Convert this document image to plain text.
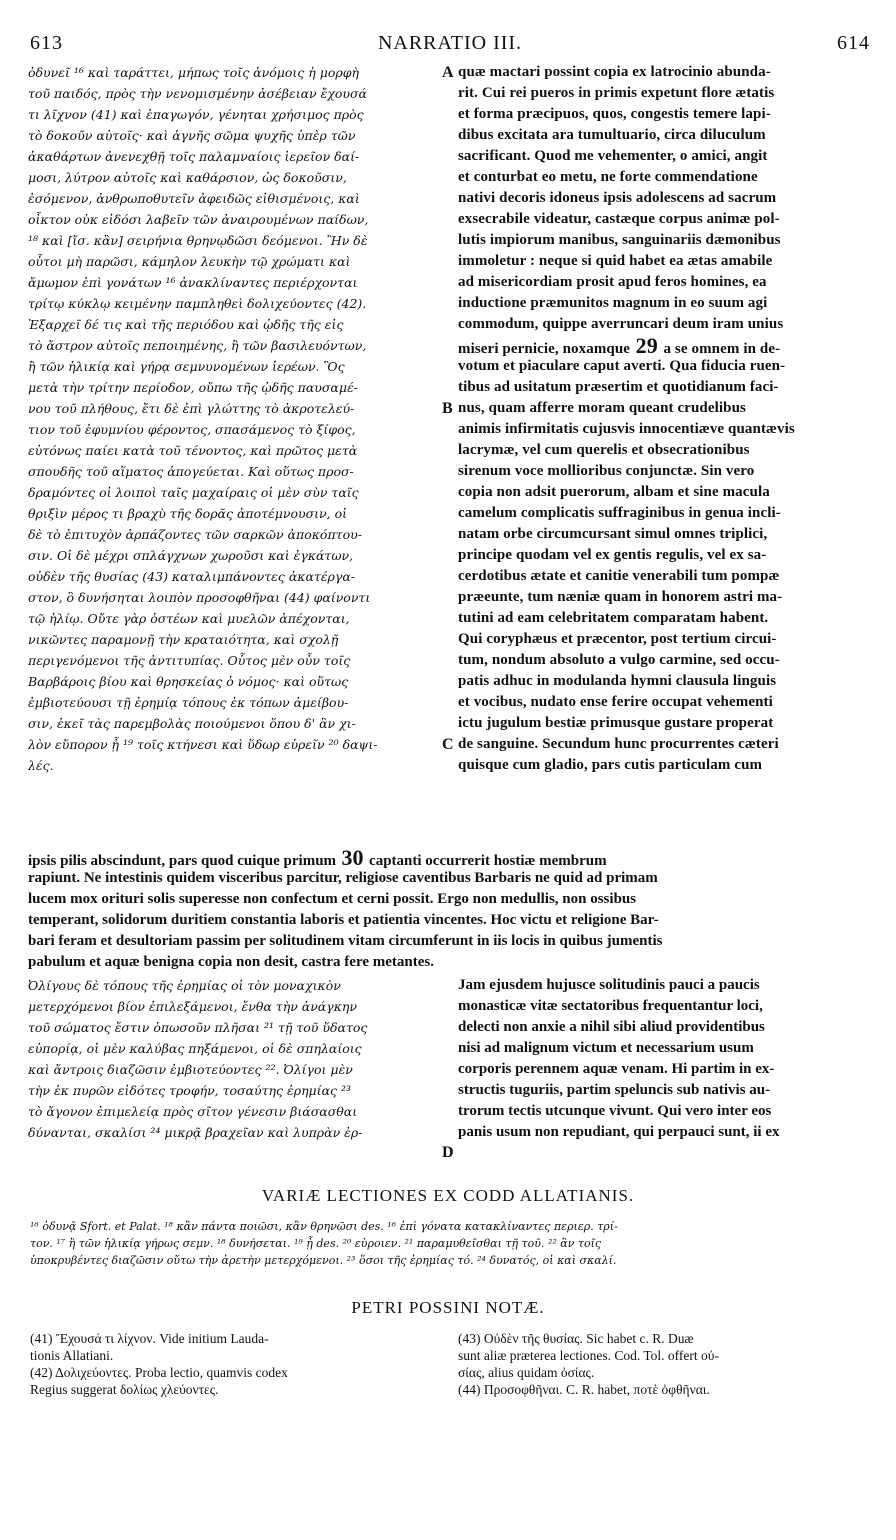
613	NARRATIO III.	614
ὀδυνεῖ ¹⁶ καὶ ταράττει, μήπως τοῖς ἀνόμοις ἡ μορφὴ
τοῦ παιδός, πρὸς τὴν νενομισμένην ἀσέβειαν ἔχουσά
τι λῖχνον (41) καὶ ἐπαγωγόν, γένηται χρήσιμος πρὸς
τὸ δοκοῦν αὐτοῖς· καὶ ἁγνῆς σῶμα ψυχῆς ὑπὲρ τῶν
ἀκαθάρτων ἀνενεχθῇ τοῖς παλαμναίοις ἱερεῖον δαί-
μοσι, λύτρον αὐτοῖς καὶ καθάρσιον, ὡς δοκοῦσιν,
ἐσόμενον, ἀνθρωποθυτεῖν ἀφειδῶς εἰθισμένοις, καὶ
οἶκτον οὐκ εἰδόσι λαβεῖν τῶν ἀναιρουμένων παίδων,
¹⁸ καὶ [ἴσ. κἂν] σειρήνια θρηνῳδῶσι δεόμενοι. Ἢν δὲ
οὗτοι μὴ παρῶσι, κάμηλον λευκὴν τῷ χρώματι καὶ
ἄμωμον ἐπὶ γονάτων ¹⁶ ἀνακλίναντες περιέρχονται
τρίτῳ κύκλῳ κειμένην παμπληθεὶ δολιχεύοντες (42).
Ἐξαρχεῖ δέ τις καὶ τῆς περιόδου καὶ ᾠδῆς τῆς εἰς
τὸ ἄστρον αὐτοῖς πεποιημένης, ἢ τῶν βασιλευόντων,
ἢ τῶν ἡλικίᾳ καὶ γήρᾳ σεμνυνομένων ἱερέων. Ὃς
μετὰ τὴν τρίτην περίοδον, οὔπω τῆς ᾠδῆς παυσαμέ-
νου τοῦ πλήθους, ἔτι δὲ ἐπὶ γλώττης τὸ ἀκροτελεύ-
τιον τοῦ ἐφυμνίου φέροντος, σπασάμενος τὸ ξίφος,
εὐτόνως παίει κατὰ τοῦ τένοντος, καὶ πρῶτος μετὰ
σπουδῆς τοῦ αἵματος ἀπογεύεται. Καὶ οὕτως προσ-
δραμόντες οἱ λοιποὶ ταῖς μαχαίραις οἱ μὲν σὺν ταῖς
θριξὶν μέρος τι βραχὺ τῆς δορᾶς ἀποτέμνουσιν, οἱ
δὲ τὸ ἐπιτυχὸν ἁρπάζοντες τῶν σαρκῶν ἀποκόπτου-
σιν. Οἱ δὲ μέχρι σπλάγχνων χωροῦσι καὶ ἐγκάτων,
οὐδὲν τῆς θυσίας (43) καταλιμπάνοντες ἀκατέργα-
στον, ὃ δυνήσηται λοιπὸν προσοφθῆναι (44) φαίνοντι
τῷ ἡλίῳ. Οὔτε γὰρ ὀστέων καὶ μυελῶν ἀπέχονται,
νικῶντες παραμονῇ τὴν κραταιότητα, καὶ σχολῇ
περιγενόμενοι τῆς ἀντιτυπίας. Οὗτος μὲν οὖν τοῖς
Βαρβάροις βίου καὶ θρησκείας ὁ νόμος· καὶ οὕτως
ἐμβιοτεύουσι τῇ ἐρημίᾳ τόπους ἐκ τόπων ἀμείβου-
σιν, ἐκεῖ τὰς παρεμβολὰς ποιούμενοι ὅπου δ' ἂν χι-
λὸν εὔπορον ᾖ ¹⁹ τοῖς κτήνεσι καὶ ὕδωρ εὑρεῖν ²⁰ δαψι-
λές.
quæ mactari possint copia ex latrocinio abunda-
rit. Cui rei pueros in primis expetunt flore ætatis
et forma præcipuos, quos, congestis temere lapi-
dibus excitata ara tumultuario, circa diluculum
sacrificant. Quod me vehementer, o amici, angit
et conturbat eo metu, ne forte commendatione
nativi decoris idoneus ipsis adolescens ad sacrum
exsecrabile videatur, castæque corpus animæ pol-
lutis impiorum manibus, sanguinariis dæmonibus
immoletur : neque si quid habet ea ætas amabile
ad misericordiam prosit apud feros homines, ea
inductione præmunitos magnum in eo suum agi
commodum, quippe averruncari deum iram unius
miseri pernicie, noxamque 29 a se omnem in de-
votum et piaculare caput averti. Qua fiducia ruen-
tibus ad usitatum præsertim et quotidianum faci-
nus, quam afferre moram queant crudelibus
animis infirmitatis cujusvis innocentiæve quantævis
lacrymæ, vel cum querelis et obsecrationibus
sirenum voce mollioribus conjunctæ. Sin vero
copia non adsit puerorum, albam et sine macula
camelum complicatis suffraginibus in genua incli-
natam orbe circumcursant simul omnes triplici,
principe quodam vel ex gentis regulis, vel ex sa-
cerdotibus ætate et canitie venerabili tum pompæ
præeunte, tum næniæ quam in honorem astri ma-
tutini ad eam celebritatem comparatam habent.
Qui coryphæus et præcentor, post tertium circui-
tum, nondum absoluto a vulgo carmine, sed occu-
patis adhuc in modulanda hymni clausula linguis
et vocibus, nudato ense ferire occupat vehementi
ictu jugulum bestiæ primusque gustare properat
de sanguine. Secundum hunc procurrentes cæteri
quisque cum gladio, pars cutis particulam cum
A
B
C
D
ipsis pilis abscindunt, pars quod cuique primum 30 captanti occurrerit hostiæ membrum
rapiunt. Ne intestinis quidem visceribus parcitur, religiose caventibus Barbaris ne quid ad primam
lucem mox orituri solis superesse non confectum et cerni possit. Ergo non medullis, non ossibus
temperant, solidorum duritiem constantia laboris et patientia vincentes. Hoc victu et religione Bar-
bari feram et desultoriam passim per solitudinem vitam circumferunt in iis locis in quibus jumentis
pabulum et aquæ benigna copia non desit, castra fere metantes.
Ὀλίγους δὲ τόπους τῆς ἐρημίας οἱ τὸν μοναχικὸν
μετερχόμενοι βίον ἐπιλεξάμενοι, ἔνθα τὴν ἀνάγκην
τοῦ σώματος ἔστιν ὁπωσοῦν πλῆσαι ²¹ τῇ τοῦ ὕδατος
εὐπορίᾳ, οἱ μὲν καλύβας πηξάμενοι, οἱ δὲ σπηλαίοις
καὶ ἄντροις διαζῶσιν ἐμβιοτεύοντες ²². Ὀλίγοι μὲν
τὴν ἐκ πυρῶν εἰδότες τροφήν, τοσαύτης ἐρημίας ²³
τὸ ἄγονον ἐπιμελείᾳ πρὸς σῖτον γένεσιν βιάσασθαι
δύνανται, σκαλίσι ²⁴ μικρᾷ βραχεῖαν καὶ λυπρὰν ἐρ-
Jam ejusdem hujusce solitudinis pauci a paucis
monasticæ vitæ sectatoribus frequentantur loci,
delecti non anxie a nihil sibi aliud providentibus
nisi ad malignum victum et necessarium usum
corporis perennem aquæ venam. Hi partim in ex-
structis tuguriis, partim speluncis sub nativis au-
trorum tectis utcunque vivunt. Qui vero inter eos
panis usum non repudiant, qui perpauci sunt, ii ex
VARIÆ LECTIONES EX CODD ALLATIANIS.
¹⁶ ὀδυνᾷ Sfort. et Palat. ¹⁸ κἂν πάντα ποιῶσι, κἂν θρηνῶσι des. ¹⁶ ἐπὶ γόνατα κατακλίναντες περιερ. τρί-
τον. ¹⁷ ἢ τῶν ἡλικίᾳ γήρως σεμν. ¹⁸ δυνήσεται. ¹⁹ ᾖ des. ²⁰ εὑροιεν. ²¹ παραμυθεῖσθαι τῇ τοῦ. ²² ἂν τοῖς
ὑποκρυβέντες διαζῶσιν οὕτω τὴν ἀρετὴν μετερχόμενοι. ²³ ὅσοι τῆς ἐρημίας τό. ²⁴ δυνατός, οἱ καὶ σκαλί.
PETRI POSSINI NOTÆ.
(41) Ἔχουσά τι λίχνον. Vide initium Lauda-
tionis Allatiani.
(42) Δολιχεύοντες. Proba lectio, quamvis codex
Regius suggerat δολίως χλεύοντες.
(43) Οὐδὲν τῆς θυσίας. Sic habet c. R. Duæ
sunt aliæ præterea lectiones. Cod. Tol. offert οὐ-
σίας, alius quidam ὀσίας.
(44) Προσοφθῆναι. C. R. habet, ποτὲ ὀφθῆναι.
